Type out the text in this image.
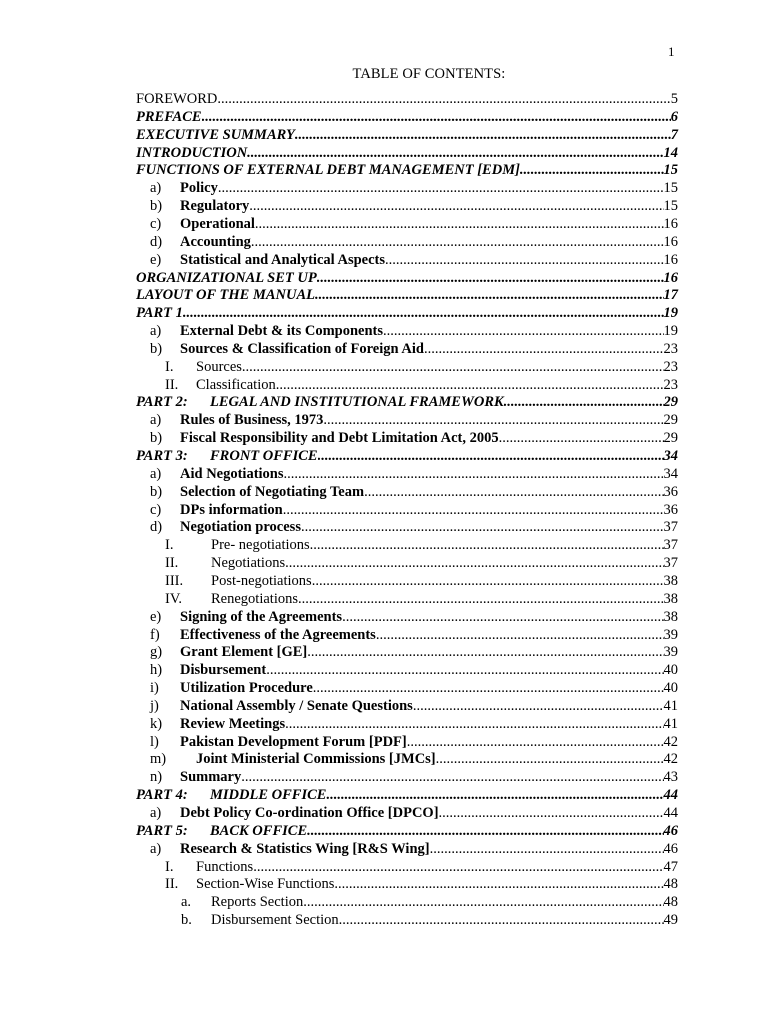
1
TABLE OF CONTENTS:
FOREWORD .....	5
PREFACE .....	6
EXECUTIVE SUMMARY .....	7
INTRODUCTION .....	14
FUNCTIONS OF EXTERNAL DEBT MANAGEMENT [EDM] .....	15
a)	Policy .....	15
b)	Regulatory .....	15
c)	Operational .....	16
d)	Accounting .....	16
e)	Statistical and Analytical Aspects .....	16
ORGANIZATIONAL SET UP .....	16
LAYOUT OF THE MANUAL .....	17
PART 1 .....	19
a)	External Debt & its Components .....	19
b)	Sources & Classification of Foreign Aid .....	23
I.	Sources .....	23
II.	Classification .....	23
PART 2:	LEGAL AND INSTITUTIONAL FRAMEWORK .....	29
a)	Rules of Business, 1973 .....	29
b)	Fiscal Responsibility and Debt Limitation Act, 2005 .....	29
PART 3:	FRONT OFFICE .....	34
a)	Aid Negotiations .....	34
b)	Selection of Negotiating Team .....	36
c)	DPs information .....	36
d)	Negotiation process .....	37
I.	Pre- negotiations .....	37
II.	Negotiations .....	37
III.	Post-negotiations .....	38
IV.	Renegotiations .....	38
e)	Signing of the Agreements .....	38
f)	Effectiveness of the Agreements .....	39
g)	Grant Element [GE] .....	39
h)	Disbursement .....	40
i)	Utilization Procedure .....	40
j)	National Assembly / Senate Questions .....	41
k)	Review Meetings .....	41
l)	Pakistan Development Forum [PDF] .....	42
m)	Joint Ministerial Commissions [JMCs] .....	42
n)	Summary .....	43
PART 4:	MIDDLE OFFICE .....	44
a)	Debt Policy Co-ordination Office [DPCO] .....	44
PART 5:	BACK OFFICE .....	46
a)	Research & Statistics Wing [R&S Wing] .....	46
I.	Functions .....	47
II.	Section-Wise Functions .....	48
a.	Reports Section .....	48
b.	Disbursement Section .....	49
